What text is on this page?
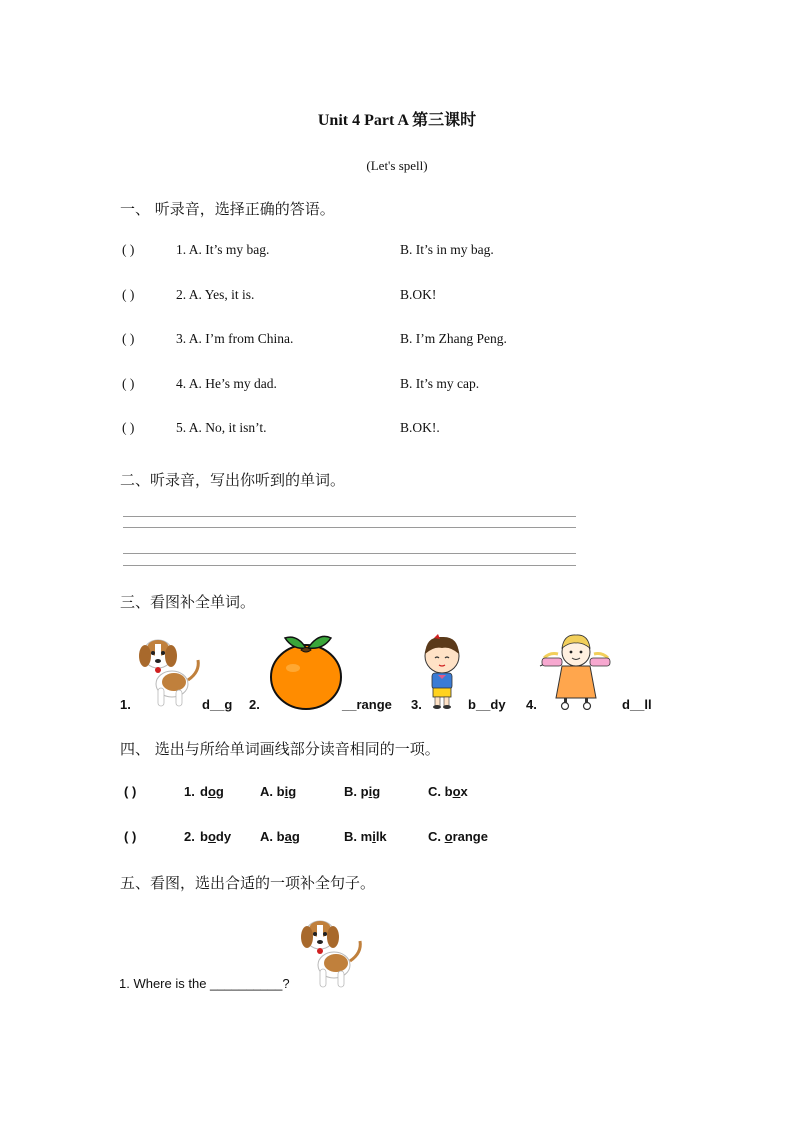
Unit 4 Part A 第三课时
(Let's spell)
一、 听录音，选择正确的答语。
( )	1. A. It’s my bag.	B. It’s in my bag.
( )	2. A. Yes, it is.	B.OK!
( )	3. A. I’m from China.	B. I’m Zhang Peng.
( )	4. A. He’s my dad.	B. It’s my cap.
( )	5. A. No, it isn’t.	B.OK!.
二、听录音，写出你听到的单词。
三、看图补全单词。
1.	d__g 2.	__range 3.	b__dy 4.	d__ll
四、 选出与所给单词画线部分读音相同的一项。
( )	1. dog	A. big	B. pig	C. box
( )	2. body A. bag	B. milk	C. orange
五、看图，选出合适的一项补全句子。
1. Where is the __________?
